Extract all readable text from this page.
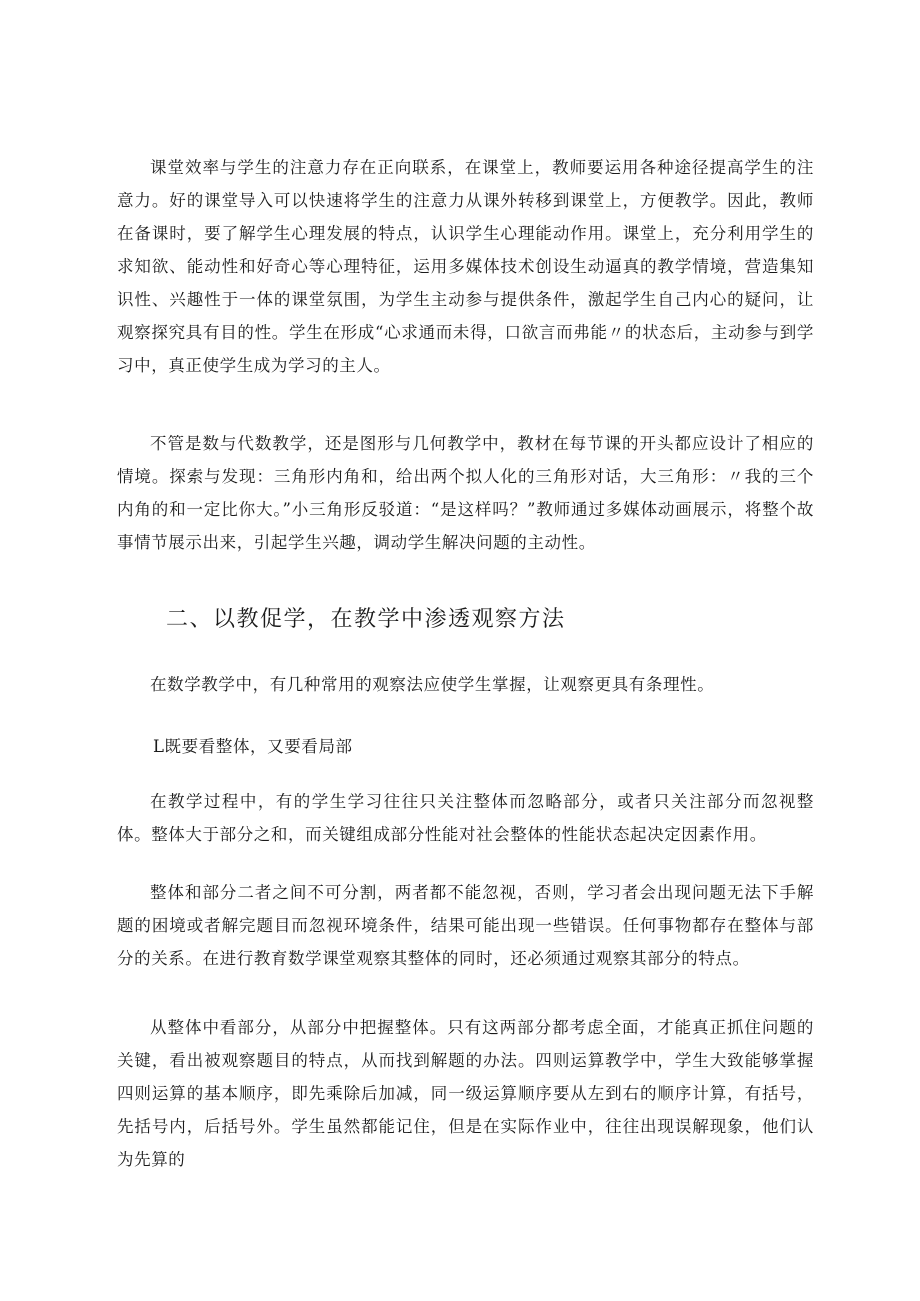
课堂效率与学生的注意力存在正向联系，在课堂上，教师要运用各种途径提高学生的注意力。好的课堂导入可以快速将学生的注意力从课外转移到课堂上，方便教学。因此，教师在备课时，要了解学生心理发展的特点，认识学生心理能动作用。课堂上，充分利用学生的求知欲、能动性和好奇心等心理特征，运用多媒体技术创设生动逼真的教学情境，营造集知识性、兴趣性于一体的课堂氛围，为学生主动参与提供条件，激起学生自己内心的疑问，让观察探究具有目的性。学生在形成“心求通而未得，口欲言而弗能〃的状态后，主动参与到学习中，真正使学生成为学习的主人。

不管是数与代数教学，还是图形与几何教学中，教材在每节课的开头都应设计了相应的情境。探索与发现：三角形内角和，给出两个拟人化的三角形对话，大三角形：〃我的三个内角的和一定比你大。”小三角形反驳道：“是这样吗？”教师通过多媒体动画展示，将整个故事情节展示出来，引起学生兴趣，调动学生解决问题的主动性。

二、以教促学，在教学中渗透观察方法

在数学教学中，有几种常用的观察法应使学生掌握，让观察更具有条理性。

L既要看整体，又要看局部

在教学过程中，有的学生学习往往只关注整体而忽略部分，或者只关注部分而忽视整体。整体大于部分之和，而关键组成部分性能对社会整体的性能状态起决定因素作用。

整体和部分二者之间不可分割，两者都不能忽视，否则，学习者会出现问题无法下手解题的困境或者解完题目而忽视环境条件，结果可能出现一些错误。任何事物都存在整体与部分的关系。在进行教育数学课堂观察其整体的同时，还必须通过观察其部分的特点。

从整体中看部分，从部分中把握整体。只有这两部分都考虑全面，才能真正抓住问题的关键，看出被观察题目的特点，从而找到解题的办法。四则运算教学中，学生大致能够掌握四则运算的基本顺序，即先乘除后加减，同一级运算顺序要从左到右的顺序计算，有括号，先括号内，后括号外。学生虽然都能记住，但是在实际作业中，往往出现误解现象，他们认为先算的
